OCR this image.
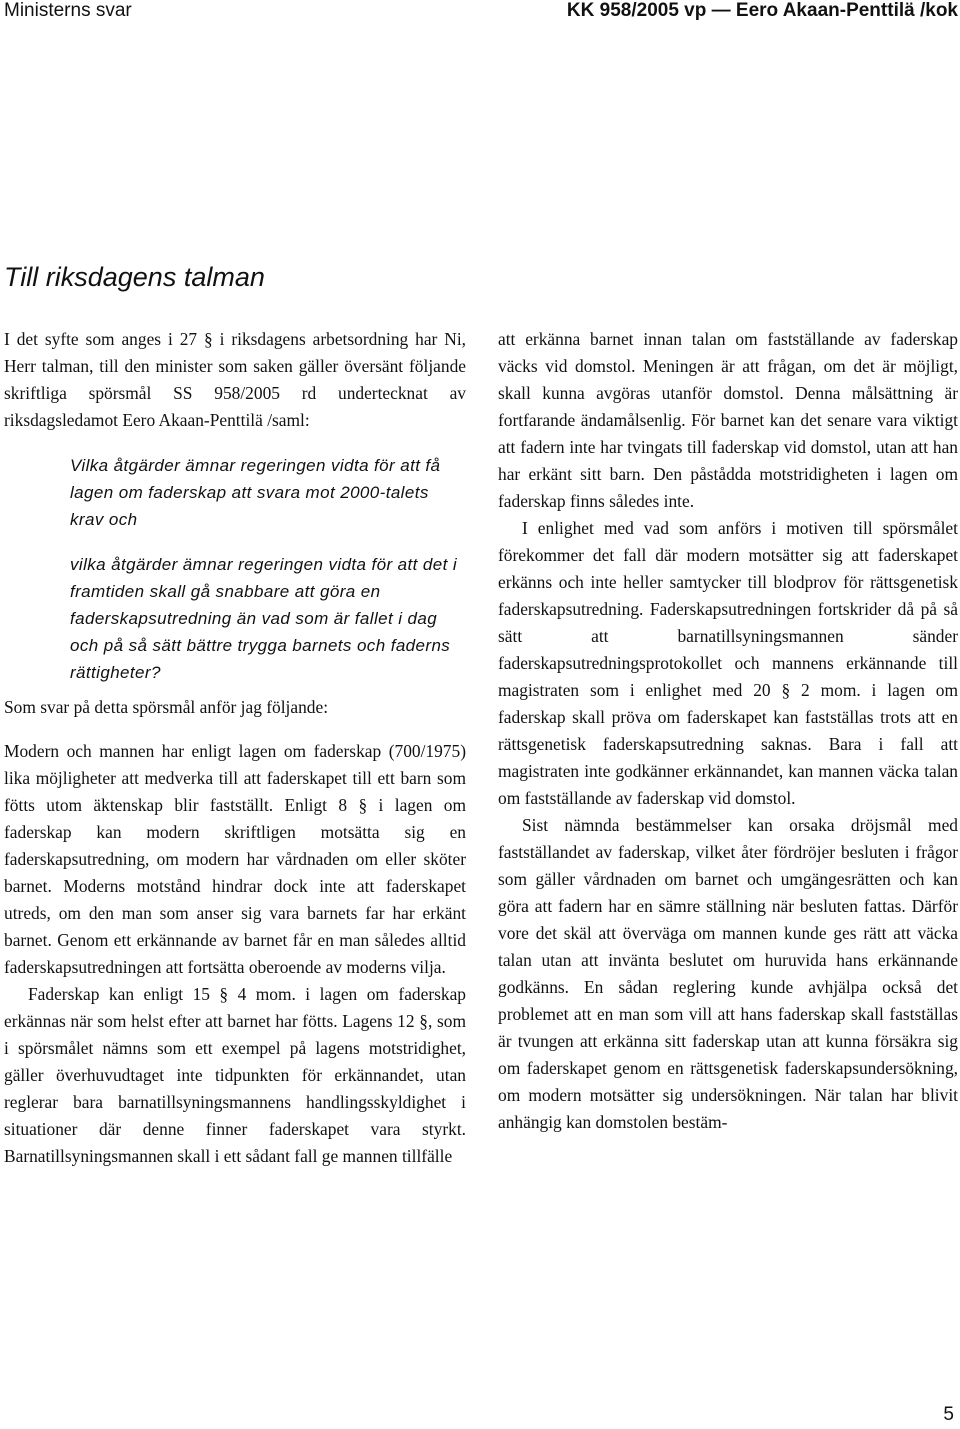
Ministerns svar	KK 958/2005 vp — Eero Akaan-Penttilä /kok
Till riksdagens talman

I det syfte som anges i 27 § i riksdagens arbetsordning har Ni, Herr talman, till den minister som saken gäller översänt följande skriftliga spörsmål SS 958/2005 rd undertecknat av riksdagsledamot Eero Akaan-Penttilä /saml:

Vilka åtgärder ämnar regeringen vidta för att få lagen om faderskap att svara mot 2000-talets krav och

vilka åtgärder ämnar regeringen vidta för att det i framtiden skall gå snabbare att göra en faderskapsutredning än vad som är fallet i dag och på så sätt bättre trygga barnets och faderns rättigheter?

Som svar på detta spörsmål anför jag följande:

Modern och mannen har enligt lagen om faderskap (700/1975) lika möjligheter att medverka till att faderskapet till ett barn som fötts utom äktenskap blir fastställt. Enligt 8 § i lagen om faderskap kan modern skriftligen motsätta sig en faderskapsutredning, om modern har vårdnaden om eller sköter barnet. Moderns motstånd hindrar dock inte att faderskapet utreds, om den man som anser sig vara barnets far har erkänt barnet. Genom ett erkännande av barnet får en man således alltid faderskapsutredningen att fortsätta oberoende av moderns vilja.

Faderskap kan enligt 15 § 4 mom. i lagen om faderskap erkännas när som helst efter att barnet har fötts. Lagens 12 §, som i spörsmålet nämns som ett exempel på lagens motstridighet, gäller överhuvudtaget inte tidpunkten för erkännandet, utan reglerar bara barnatillsyningsmannens handlingsskyldighet i situationer där denne finner faderskapet vara styrkt. Barnatillsyningsmannen skall i ett sådant fall ge mannen tillfälle

att erkänna barnet innan talan om fastställande av faderskap väcks vid domstol. Meningen är att frågan, om det är möjligt, skall kunna avgöras utanför domstol. Denna målsättning är fortfarande ändamålsenlig. För barnet kan det senare vara viktigt att fadern inte har tvingats till faderskap vid domstol, utan att han har erkänt sitt barn. Den påstådda motstridigheten i lagen om faderskap finns således inte.

I enlighet med vad som anförs i motiven till spörsmålet förekommer det fall där modern motsätter sig att faderskapet erkänns och inte heller samtycker till blodprov för rättsgenetisk faderskapsutredning. Faderskapsutredningen fortskrider då på så sätt att barnatillsyningsmannen sänder faderskapsutredningsprotokollet och mannens erkännande till magistraten som i enlighet med 20 § 2 mom. i lagen om faderskap skall pröva om faderskapet kan fastställas trots att en rättsgenetisk faderskapsutredning saknas. Bara i fall att magistraten inte godkänner erkännandet, kan mannen väcka talan om fastställande av faderskap vid domstol.

Sist nämnda bestämmelser kan orsaka dröjsmål med fastställandet av faderskap, vilket åter fördröjer besluten i frågor som gäller vårdnaden om barnet och umgängesrätten och kan göra att fadern har en sämre ställning när besluten fattas. Därför vore det skäl att överväga om mannen kunde ges rätt att väcka talan utan att invänta beslutet om huruvida hans erkännande godkänns. En sådan reglering kunde avhjälpa också det problemet att en man som vill att hans faderskap skall fastställas är tvungen att erkänna sitt faderskap utan att kunna försäkra sig om faderskapet genom en rättsgenetisk faderskapsundersökning, om modern motsätter sig undersökningen. När talan har blivit anhängig kan domstolen bestäm-

5
